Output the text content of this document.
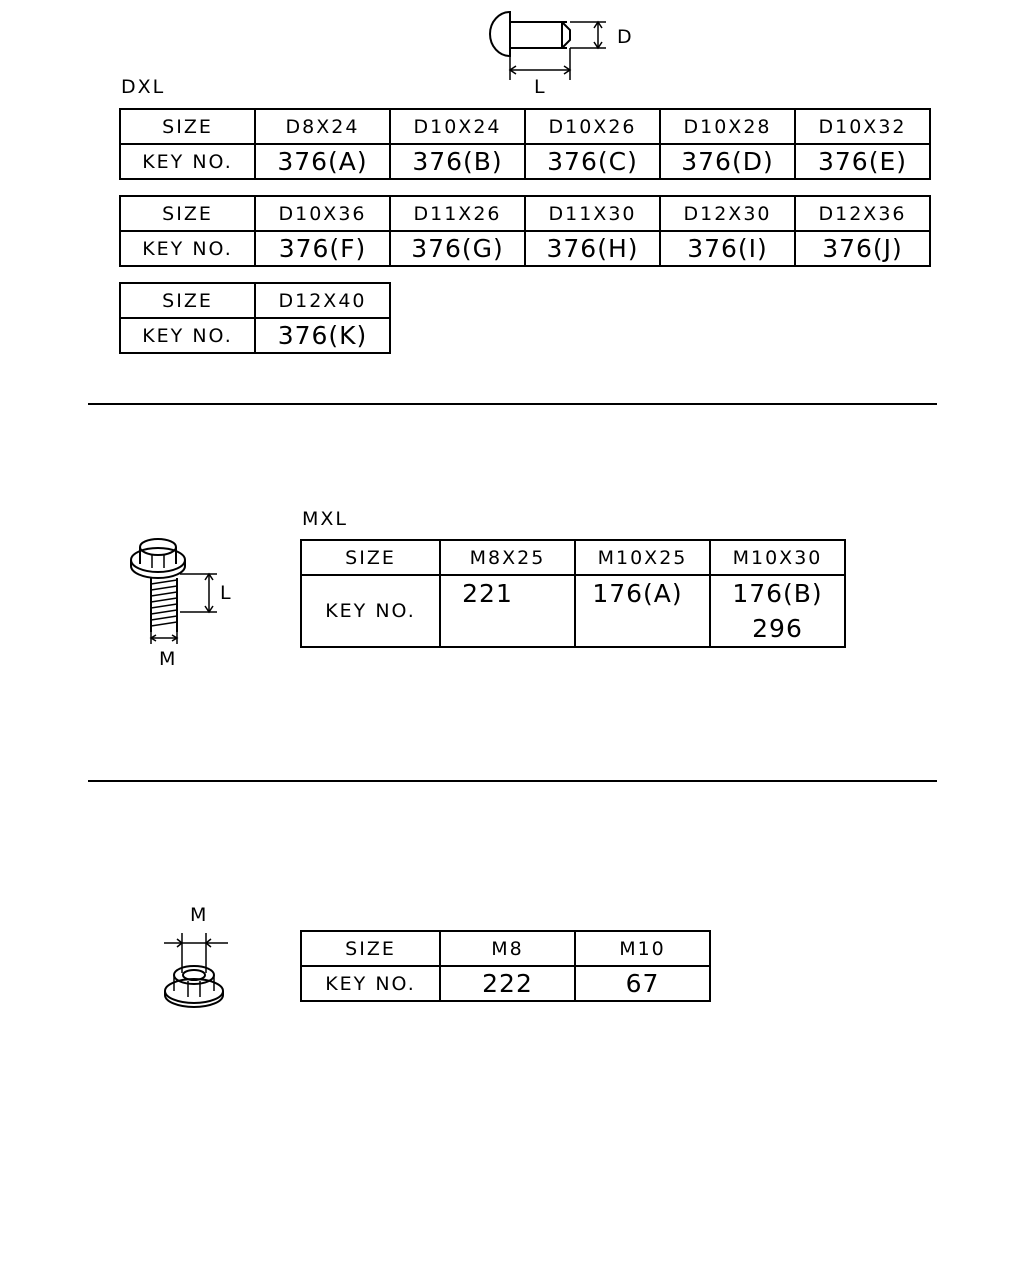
D
L
DXL
SIZE	D8X24	D10X24	D10X26	D10X28	D10X32
KEY NO.	376(A)	376(B)	376(C)	376(D)	376(E)
SIZE	D10X36	D11X26	D11X30	D12X30	D12X36
KEY NO.	376(F)	376(G)	376(H)	376(I)	376(J)
SIZE	D12X40
KEY NO.	376(K)
L
M
MXL
SIZE	M8X25	M10X25	M10X30
KEY NO.	221	176(A)	176(B)
296
M
SIZE	M8	M10
KEY NO.	222	67
